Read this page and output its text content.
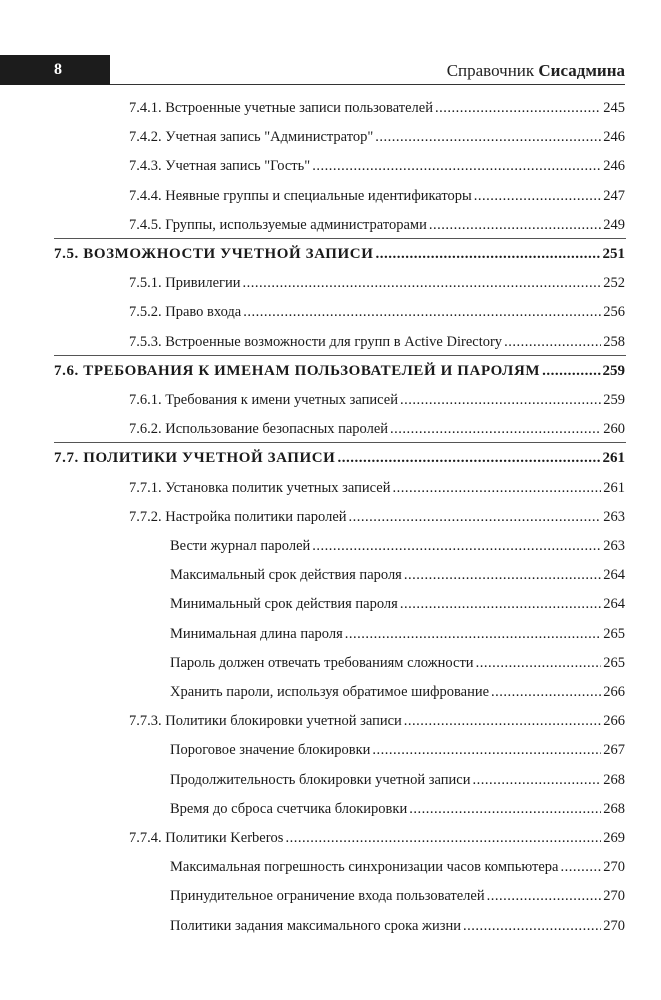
8	Справочник Сисадмина
7.4.1. Встроенные учетные записи пользователей .....	245
7.4.2. Учетная запись "Администратор" .....	246
7.4.3. Учетная запись "Гость" .....	246
7.4.4. Неявные группы и специальные идентификаторы .....	247
7.4.5. Группы, используемые администраторами .....	249
7.5. ВОЗМОЖНОСТИ УЧЕТНОЙ ЗАПИСИ .....	251
7.5.1. Привилегии .....	252
7.5.2. Право входа .....	256
7.5.3. Встроенные возможности для групп в Active Directory .....	258
7.6. ТРЕБОВАНИЯ К ИМЕНАМ ПОЛЬЗОВАТЕЛЕЙ И ПАРОЛЯМ .....	259
7.6.1. Требования к имени учетных записей .....	259
7.6.2. Использование безопасных паролей .....	260
7.7. ПОЛИТИКИ УЧЕТНОЙ ЗАПИСИ .....	261
7.7.1. Установка политик учетных записей .....	261
7.7.2. Настройка политики паролей .....	263
Вести журнал паролей .....	263
Максимальный срок действия пароля .....	264
Минимальный срок действия пароля .....	264
Минимальная длина пароля .....	265
Пароль должен отвечать требованиям сложности .....	265
Хранить пароли, используя обратимое шифрование .....	266
7.7.3. Политики блокировки учетной записи .....	266
Пороговое значение блокировки .....	267
Продолжительность блокировки учетной записи .....	268
Время до сброса счетчика блокировки .....	268
7.7.4. Политики Kerberos .....	269
Максимальная погрешность синхронизации часов компьютера .....	270
Принудительное ограничение входа пользователей .....	270
Политики задания максимального срока жизни .....	270
